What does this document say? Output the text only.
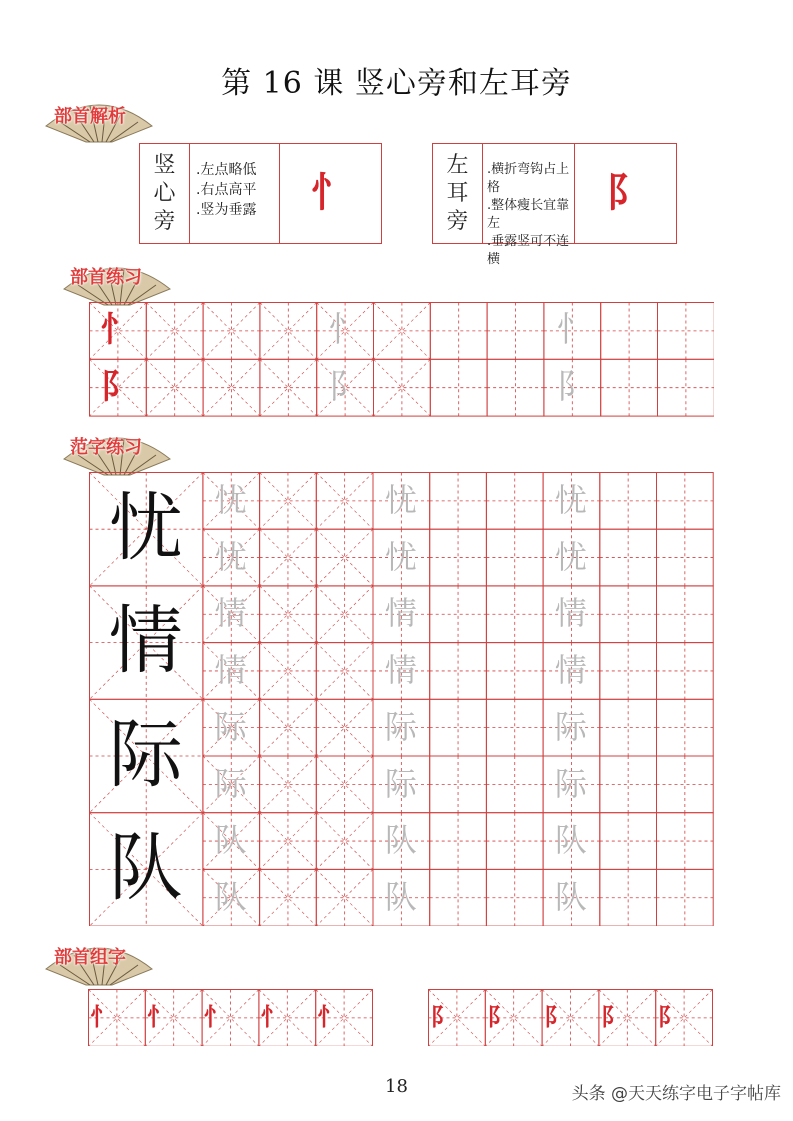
第 16 课 竖心旁和左耳旁
部首解析
部首练习
范字练习
部首组字
竖
心
旁
.左点略低
.右点高平
.竖为垂露	忄
左
耳
旁
.横折弯钩占上格
.整体瘦长宜靠左
.垂露竖可不连横
阝
忄	忄	忄
阝	阝	阝
忧	忧	忧	忧
忧	忧	忧
情	情	情	情
情	情	情
际	际	际	际
际	际	际
队	队	队	队
队	队	队
忄 忄 忄 忄 忄	阝 阝 阝 阝 阝
18	头条 @天天练字电子字帖库
